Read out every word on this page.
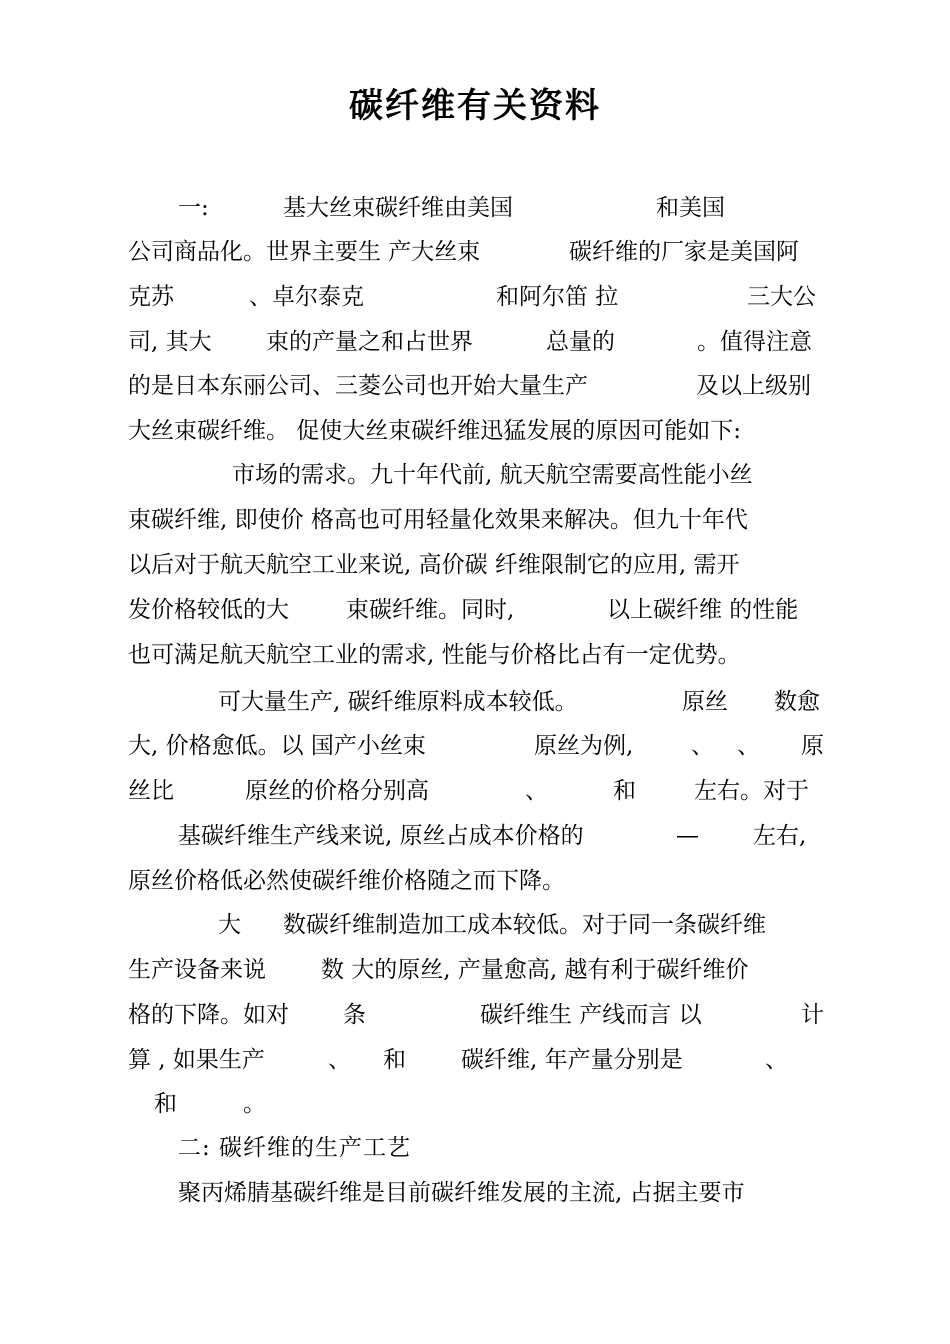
碳纤维有关资料
一:	基大丝束碳纤维由美国	和美国
公司商品化。世界主要生 产大丝束	碳纤维的厂家是美国阿
克苏	、卓尔泰克	和阿尔笛 拉	三大公
司, 其大 束的产量之和占世界	总量的	。值得注意
的是日本东丽公司、三菱公司也开始大量生产	及以上级别
大丝束碳纤维。 促使大丝束碳纤维迅猛发展的原因可能如下:
市场的需求。九十年代前, 航天航空需要高性能小丝
束碳纤维, 即使价 格高也可用轻量化效果来解决。但九十年代
以后对于航天航空工业来说, 高价碳 纤维限制它的应用, 需开
发价格较低的大 束碳纤维。同时,	以上碳纤维 的性能
也可满足航天航空工业的需求, 性能与价格比占有一定优势。
可大量生产, 碳纤维原料成本较低。	原丝 数愈
大, 价格愈低。以 国产小丝束	原丝为例,	、 、 原
丝比	原丝的价格分别高	、	和	左右。对于
基碳纤维生产线来说, 原丝占成本价格的	— 左右,
原丝价格低必然使碳纤维价格随之而下降。
大 数碳纤维制造加工成本较低。对于同一条碳纤维
生产设备来说 数 大的原丝, 产量愈高, 越有利于碳纤维价
格的下降。如对 条	碳纤维生 产线而言 以	计
算 , 如果生产	、 和 碳纤维, 年产量分别是	、
和	。
二: 碳纤维的生产工艺
聚丙烯腈基碳纤维是目前碳纤维发展的主流, 占据主要市
